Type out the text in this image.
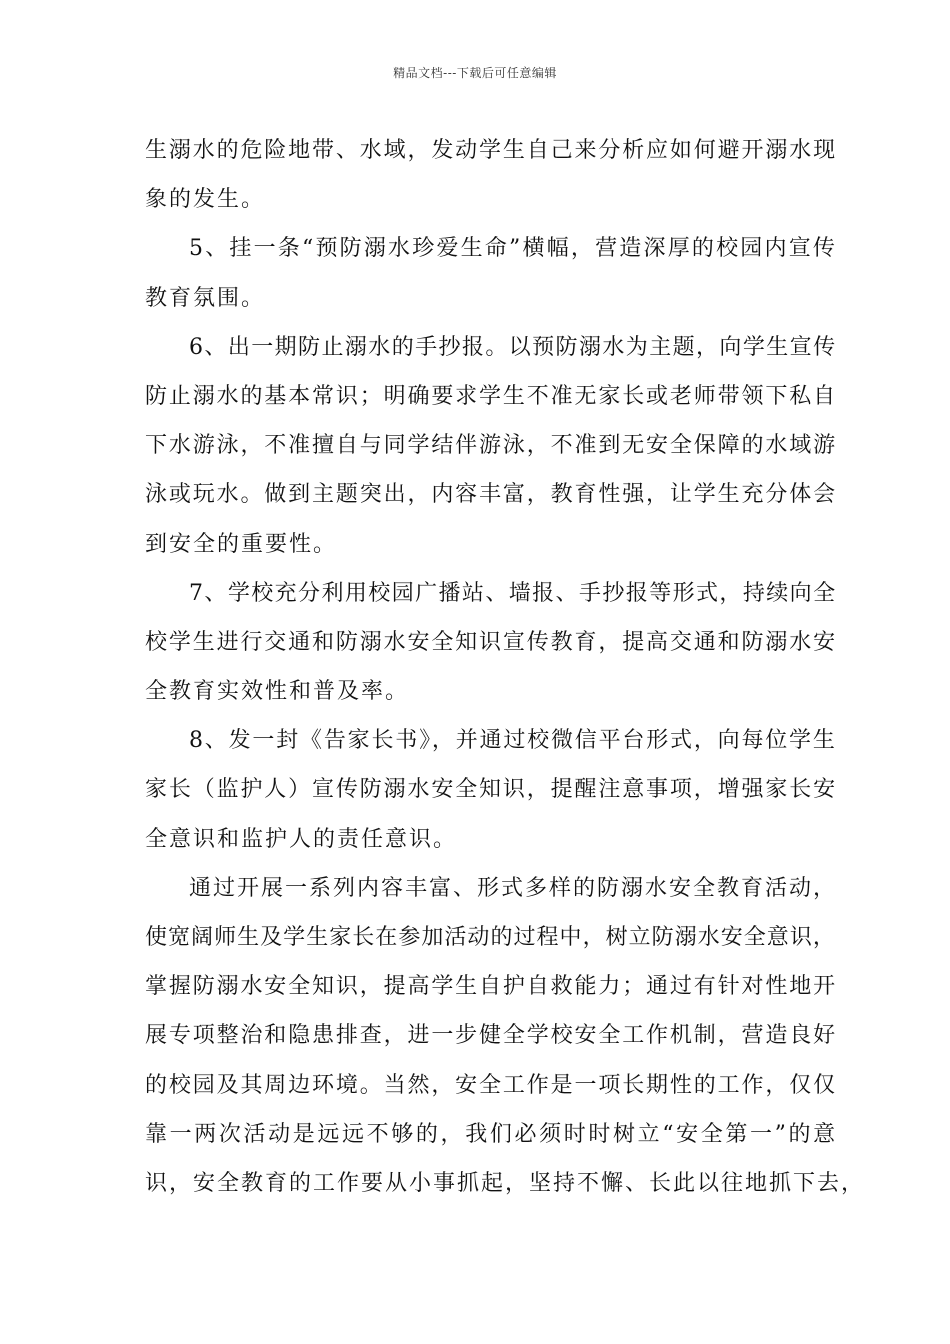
精品文档---下载后可任意编辑
生溺水的危险地带、水域，发动学生自己来分析应如何避开溺水现
象的发生。
5、挂一条“预防溺水珍爱生命”横幅，营造深厚的校园内宣传
教育氛围。
6、出一期防止溺水的手抄报。以预防溺水为主题，向学生宣传
防止溺水的基本常识；明确要求学生不准无家长或老师带领下私自
下水游泳，不准擅自与同学结伴游泳，不准到无安全保障的水域游
泳或玩水。做到主题突出，内容丰富，教育性强，让学生充分体会
到安全的重要性。
7、学校充分利用校园广播站、墙报、手抄报等形式，持续向全
校学生进行交通和防溺水安全知识宣传教育，提高交通和防溺水安
全教育实效性和普及率。
8、发一封《告家长书》，并通过校微信平台形式，向每位学生
家长（监护人）宣传防溺水安全知识，提醒注意事项，增强家长安
全意识和监护人的责任意识。
通过开展一系列内容丰富、形式多样的防溺水安全教育活动，
使宽阔师生及学生家长在参加活动的过程中，树立防溺水安全意识，
掌握防溺水安全知识，提高学生自护自救能力；通过有针对性地开
展专项整治和隐患排查，进一步健全学校安全工作机制，营造良好
的校园及其周边环境。当然，安全工作是一项长期性的工作，仅仅
靠一两次活动是远远不够的，我们必须时时树立“安全第一”的意
识，安全教育的工作要从小事抓起，坚持不懈、长此以往地抓下去，
